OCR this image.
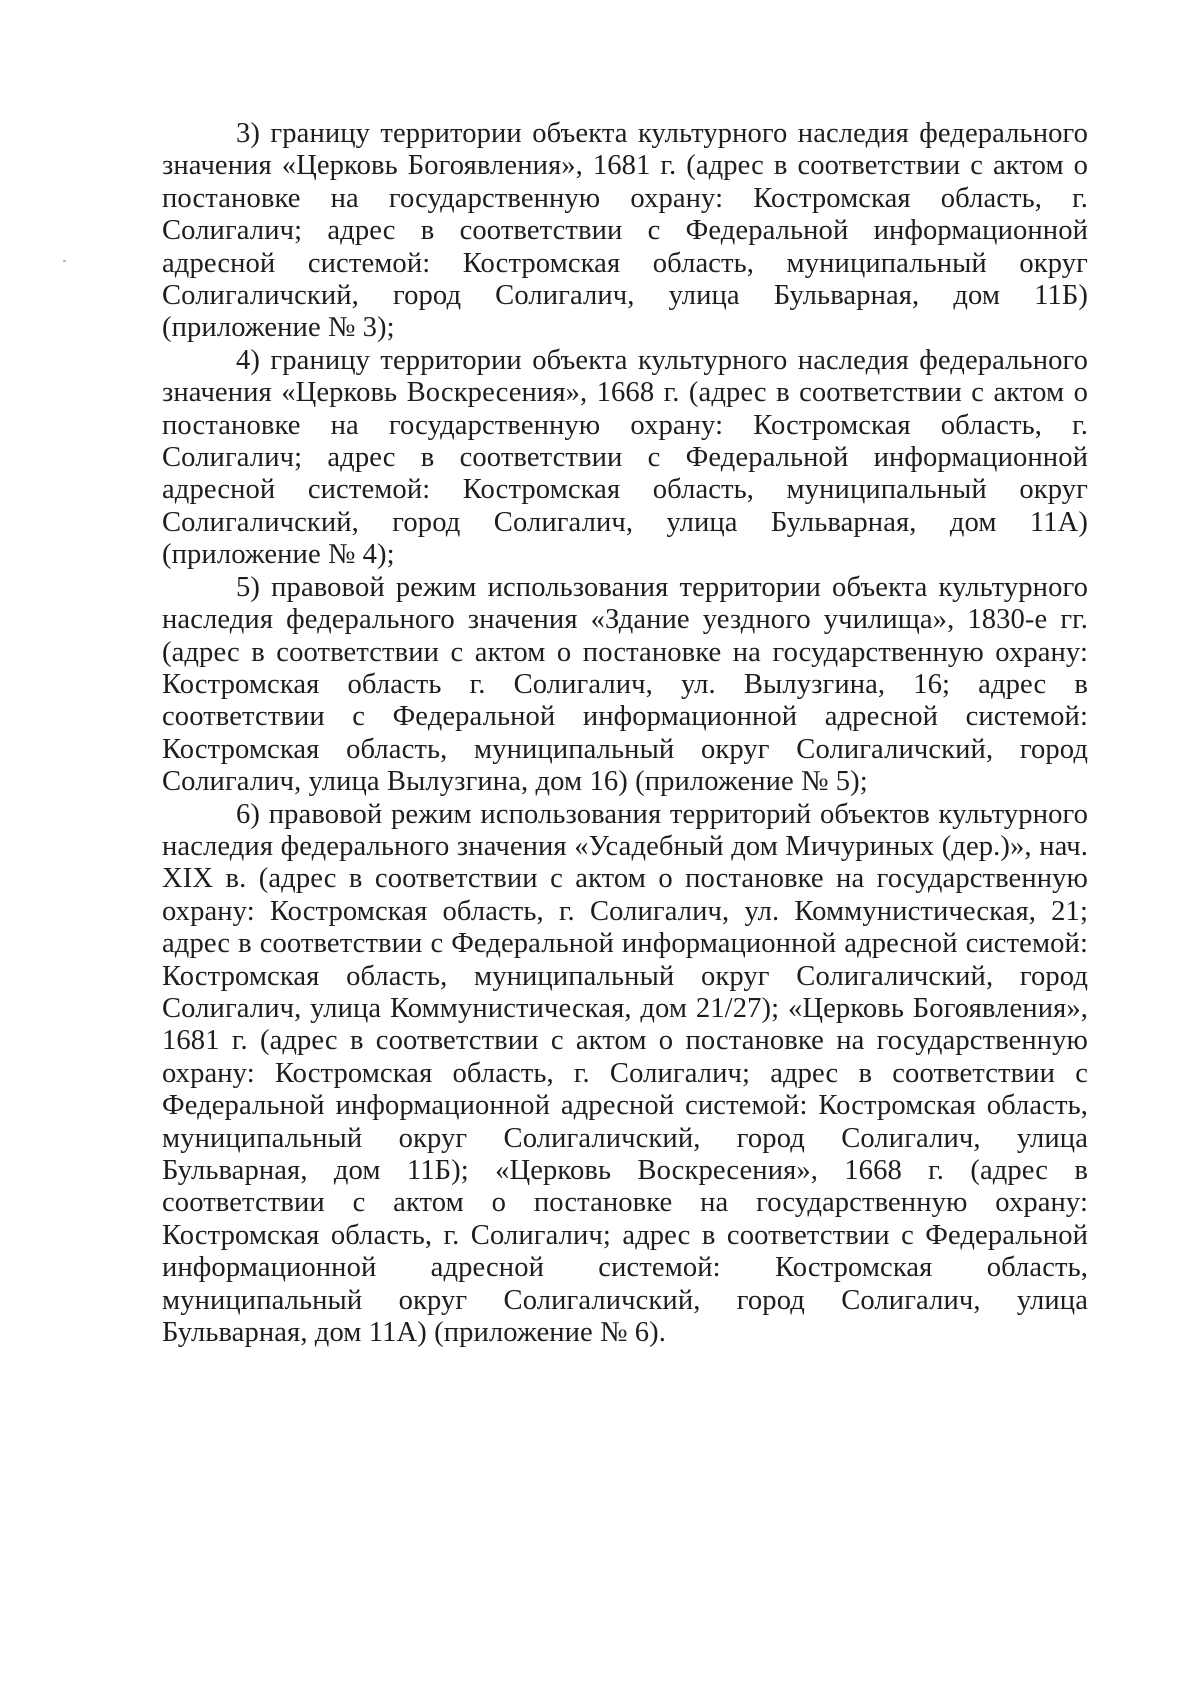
3) границу территории объекта культурного наследия федерального значения «Церковь Богоявления», 1681 г. (адрес в соответствии с актом о постановке на государственную охрану: Костромская область, г. Солигалич; адрес в соответствии с Федеральной информационной адресной системой: Костромская область, муниципальный округ Солигаличский, город Солигалич, улица Бульварная, дом 11Б) (приложение № 3);

4) границу территории объекта культурного наследия федерального значения «Церковь Воскресения», 1668 г. (адрес в соответствии с актом о постановке на государственную охрану: Костромская область, г. Солигалич; адрес в соответствии с Федеральной информационной адресной системой: Костромская область, муниципальный округ Солигаличский, город Солигалич, улица Бульварная, дом 11А) (приложение № 4);

5) правовой режим использования территории объекта культурного наследия федерального значения «Здание уездного училища», 1830-е гг. (адрес в соответствии с актом о постановке на государственную охрану: Костромская область г. Солигалич, ул. Вылузгина, 16; адрес в соответствии с Федеральной информационной адресной системой: Костромская область, муниципальный округ Солигаличский, город Солигалич, улица Вылузгина, дом 16) (приложение № 5);

6) правовой режим использования территорий объектов культурного наследия федерального значения «Усадебный дом Мичуриных (дер.)», нач. XIX в. (адрес в соответствии с актом о постановке на государственную охрану: Костромская область, г. Солигалич, ул. Коммунистическая, 21; адрес в соответствии с Федеральной информационной адресной системой: Костромская область, муниципальный округ Солигаличский, город Солигалич, улица Коммунистическая, дом 21/27); «Церковь Богоявления», 1681 г. (адрес в соответствии с актом о постановке на государственную охрану: Костромская область, г. Солигалич; адрес в соответствии с Федеральной информационной адресной системой: Костромская область, муниципальный округ Солигаличский, город Солигалич, улица Бульварная, дом 11Б); «Церковь Воскресения», 1668 г. (адрес в соответствии с актом о постановке на государственную охрану: Костромская область, г. Солигалич; адрес в соответствии с Федеральной информационной адресной системой: Костромская область, муниципальный округ Солигаличский, город Солигалич, улица Бульварная, дом 11А) (приложение № 6).
